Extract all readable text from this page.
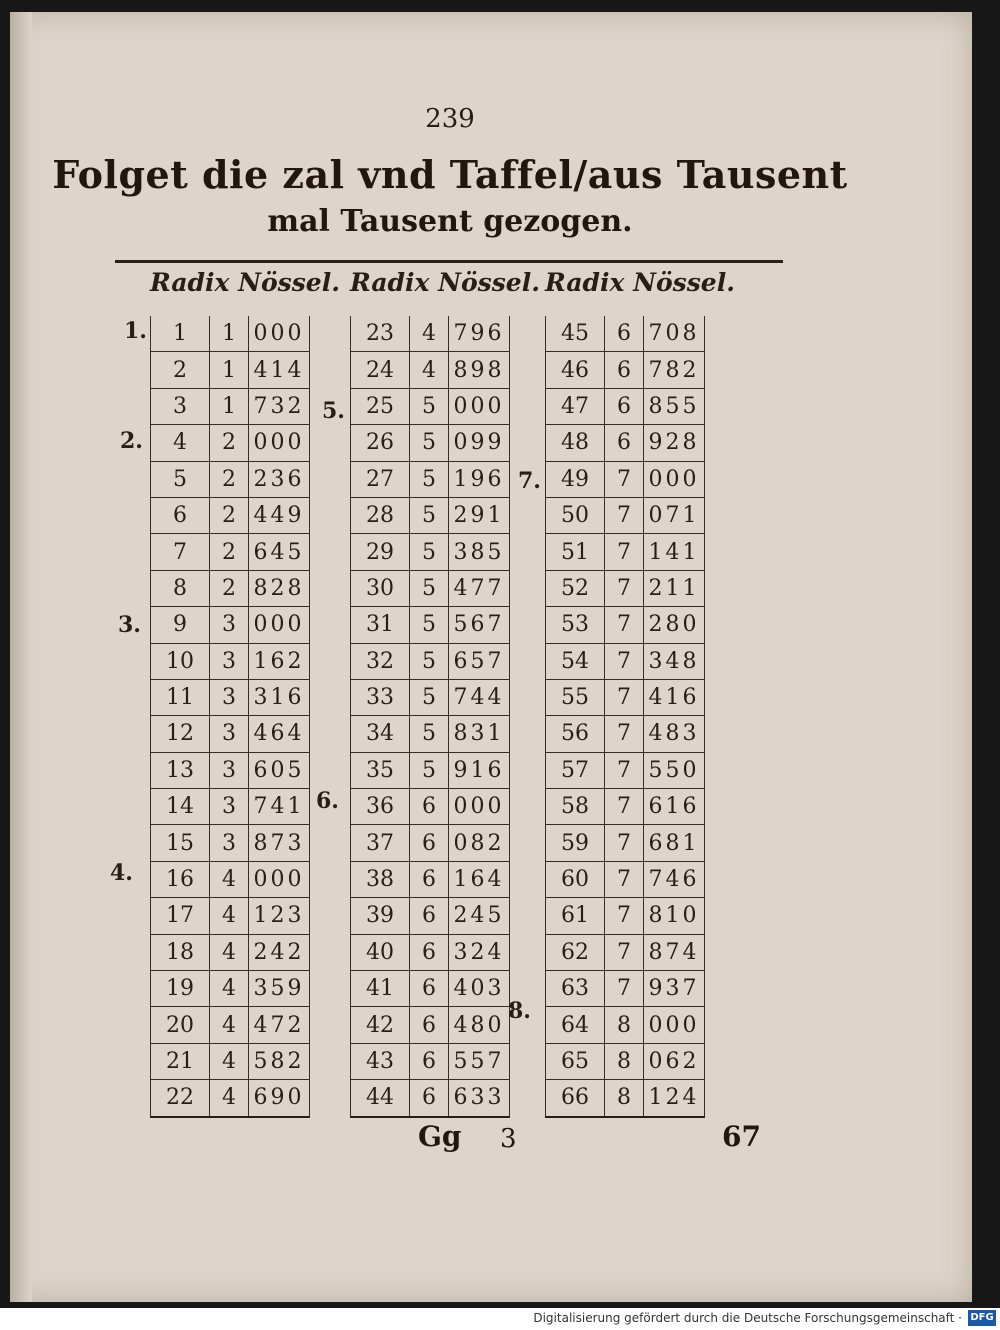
239
Folget die zal vnd Taffel/aus Tausent
mal Tausent gezogen.
Radix Nössel.
1	1	000
2	1	414
3	1	732
4	2	000
5	2	236
6	2	449
7	2	645
8	2	828
9	3	000
10	3	162
11	3	316
12	3	464
13	3	605
14	3	741
15	3	873
16	4	000
17	4	123
18	4	242
19	4	359
20	4	472
21	4	582
22	4	690
Radix Nössel.
23	4	796
24	4	898
25	5	000
26	5	099
27	5	196
28	5	291
29	5	385
30	5	477
31	5	567
32	5	657
33	5	744
34	5	831
35	5	916
36	6	000
37	6	082
38	6	164
39	6	245
40	6	324
41	6	403
42	6	480
43	6	557
44	6	633
Radix Nössel.
45	6	708
46	6	782
47	6	855
48	6	928
49	7	000
50	7	071
51	7	141
52	7	211
53	7	280
54	7	348
55	7	416
56	7	483
57	7	550
58	7	616
59	7	681
60	7	746
61	7	810
62	7	874
63	7	937
64	8	000
65	8	062
66	8	124
1.
2.
3.
4.
5.
6.
7.
8.
Gg 3	67
Digitalisierung gefördert durch die Deutsche Forschungsgemeinschaft · DFG
